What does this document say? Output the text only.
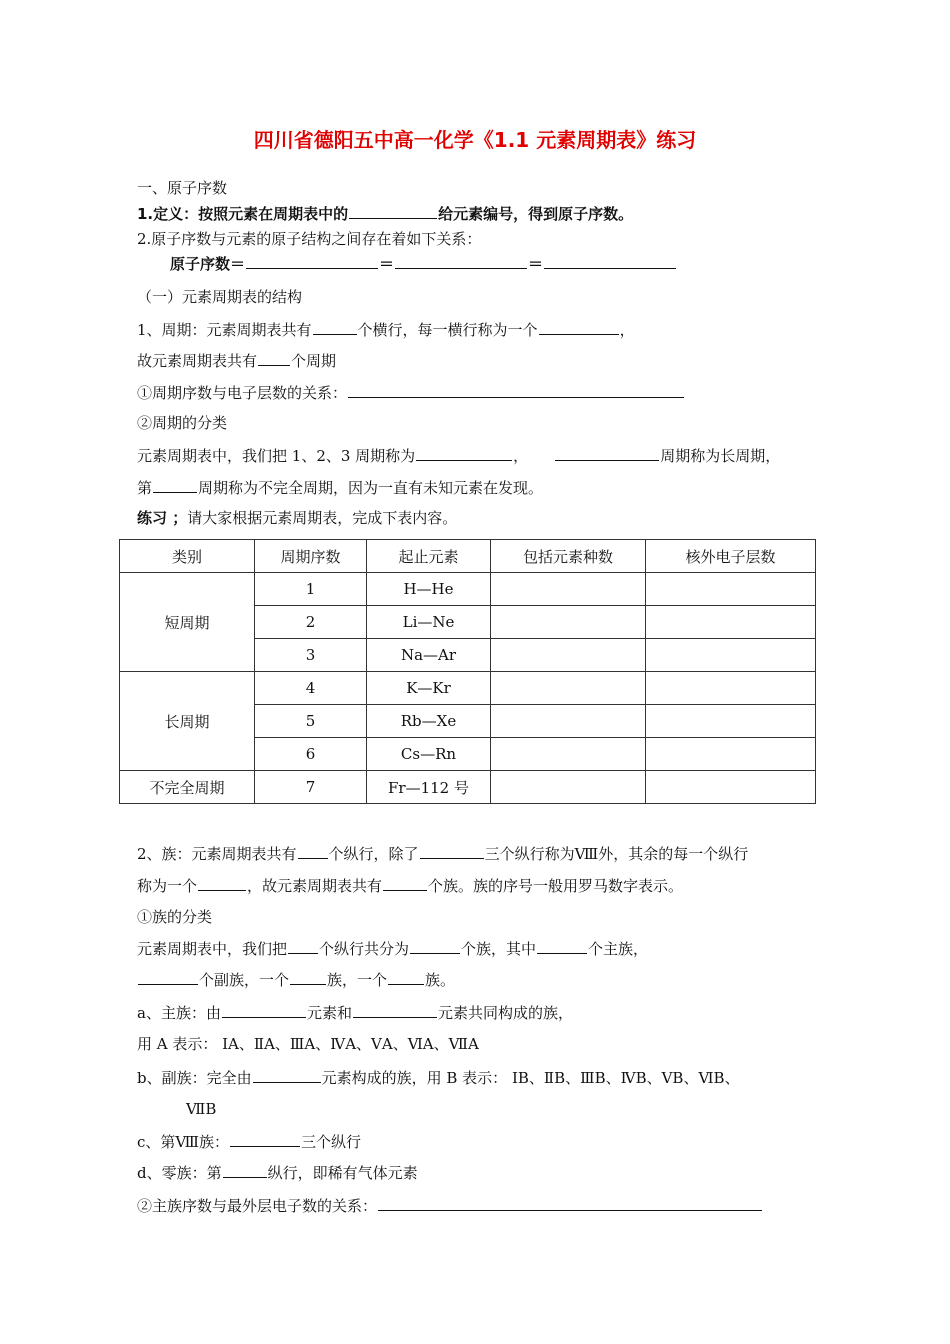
四川省德阳五中高一化学《1.1 元素周期表》练习
一、原子序数
1.定义：按照元素在周期表中的	给元素编号，得到原子序数。
2.原子序数与元素的原子结构之间存在着如下关系：
原子序数＝	＝	＝
（一）元素周期表的结构
1、周期：元素周期表共有	个横行，每一横行称为一个	，
故元素周期表共有 个周期
①周期序数与电子层数的关系：
②周期的分类
元素周期表中，我们把 1、2、3 周期称为	，	周期称为长周期，
第	周期称为不完全周期，因为一直有未知元素在发现。
练习 ；请大家根据元素周期表，完成下表内容。
类别	周期序数	起止元素	包括元素种数	核外电子层数
短周期	1	H—He		
	2	Li—Ne		
	3	Na—Ar		
长周期	4	K—Kr		
	5	Rb—Xe		
	6	Cs—Rn		
不完全周期	7	Fr—112 号		
2、族：元素周期表共有 个纵行，除了	三个纵行称为Ⅷ外，其余的每一个纵行
称为一个	，故元素周期表共有	个族。族的序号一般用罗马数字表示。
①族的分类
元素周期表中，我们把 个纵行共分为	个族，其中	个主族，
个副族，一个	族，一个	族。
a、主族：由	元素和	元素共同构成的族，
用 A 表示： ⅠA、ⅡA、ⅢA、ⅣA、ⅤA、ⅥA、ⅦA
b、副族：完全由	元素构成的族，用 B 表示： ⅠB、ⅡB、ⅢB、ⅣB、ⅤB、ⅥB、
ⅦB
c、第Ⅷ族：	三个纵行
d、零族：第	纵行，即稀有气体元素
②主族序数与最外层电子数的关系：
